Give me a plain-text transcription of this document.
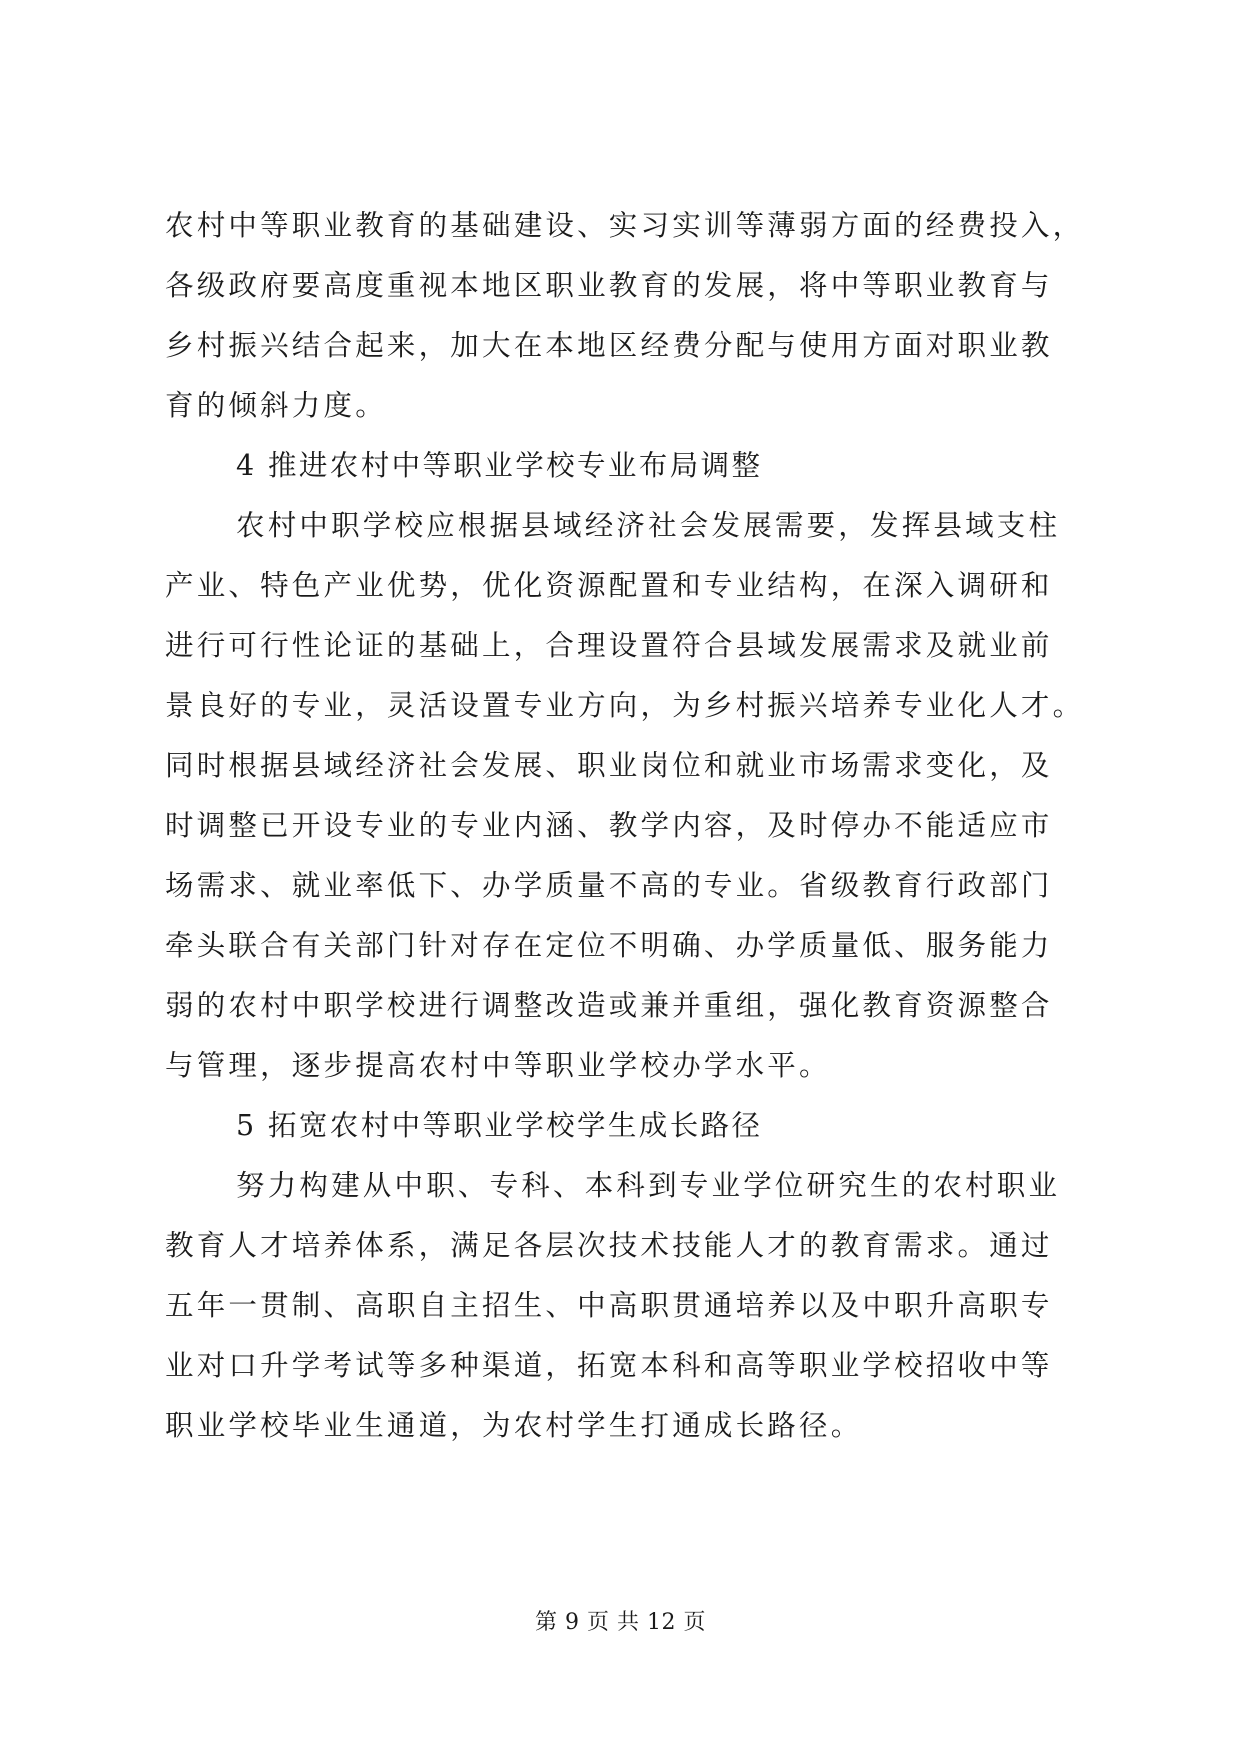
农村中等职业教育的基础建设、实习实训等薄弱方面的经费投入，
各级政府要高度重视本地区职业教育的发展，将中等职业教育与
乡村振兴结合起来，加大在本地区经费分配与使用方面对职业教
育的倾斜力度。
4 推进农村中等职业学校专业布局调整
农村中职学校应根据县域经济社会发展需要，发挥县域支柱
产业、特色产业优势，优化资源配置和专业结构，在深入调研和
进行可行性论证的基础上，合理设置符合县域发展需求及就业前
景良好的专业，灵活设置专业方向，为乡村振兴培养专业化人才。
同时根据县域经济社会发展、职业岗位和就业市场需求变化，及
时调整已开设专业的专业内涵、教学内容，及时停办不能适应市
场需求、就业率低下、办学质量不高的专业。省级教育行政部门
牵头联合有关部门针对存在定位不明确、办学质量低、服务能力
弱的农村中职学校进行调整改造或兼并重组，强化教育资源整合
与管理，逐步提高农村中等职业学校办学水平。
5 拓宽农村中等职业学校学生成长路径
努力构建从中职、专科、本科到专业学位研究生的农村职业
教育人才培养体系，满足各层次技术技能人才的教育需求。通过
五年一贯制、高职自主招生、中高职贯通培养以及中职升高职专
业对口升学考试等多种渠道，拓宽本科和高等职业学校招收中等
职业学校毕业生通道，为农村学生打通成长路径。
第 9 页 共 12 页
